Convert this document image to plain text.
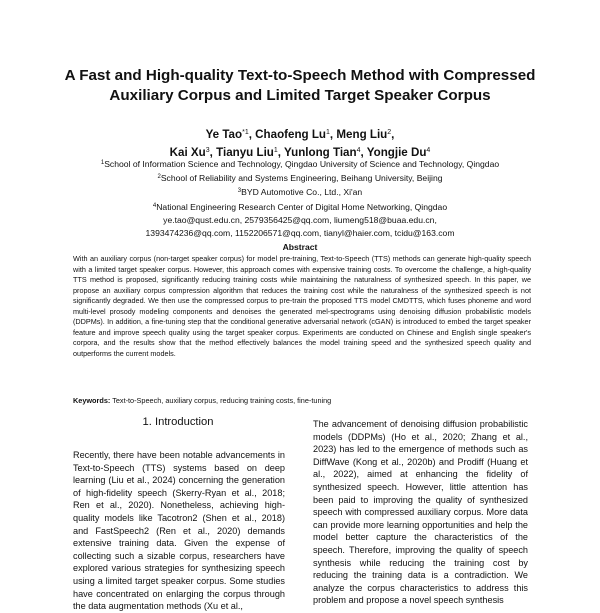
A Fast and High-quality Text-to-Speech Method with Compressed
Auxiliary Corpus and Limited Target Speaker Corpus
Ye Tao$^{*1}$, Chaofeng Lu$^1$, Meng Liu$^2$,
Kai Xu$^3$, Tianyu Liu$^1$, Yunlong Tian$^4$, Yongjie Du$^4$
$^1$School of Information Science and Technology, Qingdao University of Science and Technology, Qingdao
$^2$School of Reliability and Systems Engineering, Beihang University, Beijing
$^3$BYD Automotive Co., Ltd., Xi'an
$^4$National Engineering Research Center of Digital Home Networking, Qingdao
ye.tao@qust.edu.cn, 2579356425@qq.com, liumeng518@buaa.edu.cn,
1393474236@qq.com, 1152206571@qq.com, tianyl@haier.com, tcidu@163.com
Abstract
With an auxiliary corpus (non-target speaker corpus) for model pre-training, Text-to-Speech (TTS) methods can generate high-quality speech with a limited target speaker corpus. However, this approach comes with expensive training costs. To overcome the challenge, a high-quality TTS method is proposed, significantly reducing training costs while maintaining the naturalness of synthesized speech. In this paper, we propose an auxiliary corpus compression algorithm that reduces the training cost while the naturalness of the synthesized speech is not significantly degraded. We then use the compressed corpus to pre-train the proposed TTS model CMDTTS, which fuses phoneme and word multi-level prosody modeling components and denoises the generated mel-spectrograms using denoising diffusion probabilistic models (DDPMs). In addition, a fine-tuning step that the conditional generative adversarial network (cGAN) is introduced to embed the target speaker feature and improve speech quality using the target speaker corpus. Experiments are conducted on Chinese and English single speaker's corpora, and the results show that the method effectively balances the model training speed and the synthesized speech quality and outperforms the current models.
Keywords: Text-to-Speech, auxiliary corpus, reducing training costs, fine-tuning
1. Introduction
Recently, there have been notable advancements in Text-to-Speech (TTS) systems based on deep learning (Liu et al., 2024) concerning the generation of high-fidelity speech (Skerry-Ryan et al., 2018; Ren et al., 2020). Nonetheless, achieving high-quality models like Tacotron2 (Shen et al., 2018) and FastSpeech2 (Ren et al., 2020) demands extensive training data. Given the expense of collecting such a sizable corpus, researchers have explored various strategies for synthesizing speech using a limited target speaker corpus. Some studies have concentrated on enlarging the corpus through the data augmentation methods (Xu et al.,
The advancement of denoising diffusion probabilistic models (DDPMs) (Ho et al., 2020; Zhang et al., 2023) has led to the emergence of methods such as DiffWave (Kong et al., 2020b) and Prodiff (Huang et al., 2022), aimed at enhancing the fidelity of synthesized speech. However, little attention has been paid to improving the quality of synthesized speech with compressed auxiliary corpus. More data can provide more learning opportunities and help the model better capture the characteristics of the speech. Therefore, improving the quality of speech synthesis while reducing the training cost by reducing the training data is a contradiction. We analyze the corpus characteristics to address this problem and propose a novel speech synthesis
